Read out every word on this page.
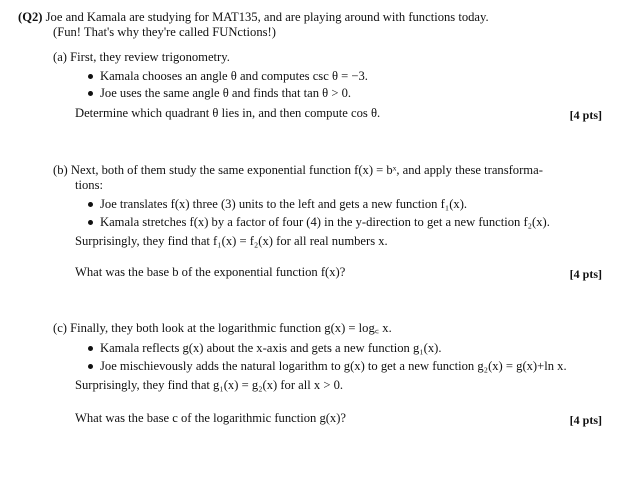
(Q2) Joe and Kamala are studying for MAT135, and are playing around with functions today.
(Fun! That's why they're called FUNctions!)
(a) First, they review trigonometry.
Kamala chooses an angle θ and computes csc θ = −3.
Joe uses the same angle θ and finds that tan θ > 0.
Determine which quadrant θ lies in, and then compute cos θ.	[4 pts]
(b) Next, both of them study the same exponential function f(x) = bˣ, and apply these transforma-
tions:
Joe translates f(x) three (3) units to the left and gets a new function f₁(x).
Kamala stretches f(x) by a factor of four (4) in the y-direction to get a new function f₂(x).
Surprisingly, they find that f₁(x) = f₂(x) for all real numbers x.
What was the base b of the exponential function f(x)?	[4 pts]
(c) Finally, they both look at the logarithmic function g(x) = log꜀ x.
Kamala reflects g(x) about the x-axis and gets a new function g₁(x).
Joe mischievously adds the natural logarithm to g(x) to get a new function g₂(x) = g(x)+ln x.
Surprisingly, they find that g₁(x) = g₂(x) for all x > 0.
What was the base c of the logarithmic function g(x)?	[4 pts]
